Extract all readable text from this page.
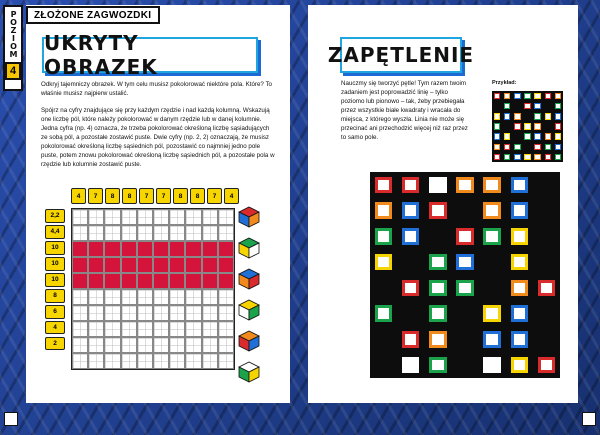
POZIOM
4
ZŁOŻONE ZAGWOZDKI
UKRYTY OBRAZEK	ZAPĘTLENIE

Odkryj tajemniczy obrazek. W tym celu musisz pokolorować niektóre pola. Które? To właśnie musisz najpierw ustalić.

Spójrz na cyfry znajdujące się przy każdym rzędzie i nad każdą kolumną. Wskazują one liczbę pól, które należy pokolorować w danym rzędzie lub w danej kolumnie. Jedna cyfra (np. 4) oznacza, że trzeba pokolorować określoną liczbę sąsiadujących ze sobą pól, a pozostałe zostawić puste. Dwie cyfry (np. 2, 2) oznaczają, że musisz pokolorować określoną liczbę sąsiednich pól, pozostawić co najmniej jedno pole puste, potem znowu pokolorować określoną liczbę sąsiednich pól, a pozostałe pola w rzędzie lub kolumnie zostawić puste.

Nauczmy się tworzyć pętle! Tym razem twoim zadaniem jest poprowadzić linię – tylko poziomo lub pionowo – tak, żeby przebiegała przez wszystkie białe kwadraty i wracała do miejsca, z którego wyszła. Linia nie może się przecinać ani przechodzić więcej niż raz przez to samo pole.

Przykład:
4	7	8	8	7	7	8	8	7	4
2,2
4,4
10
10
10
8
6
4
2
